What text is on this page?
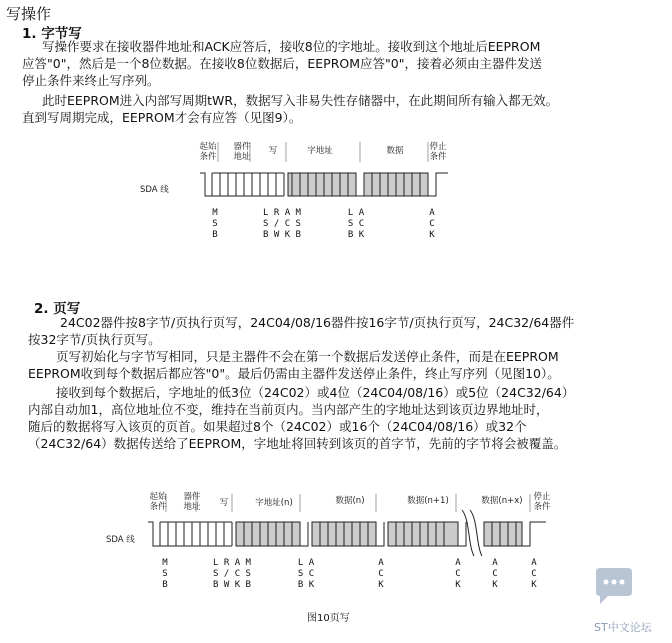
写操作
1. 字节写
写操作要求在接收器件地址和ACK应答后，接收8位的字地址。接收到这个地址后EEPROM
应答"0"，然后是一个8位数据。在接收8位数据后，EEPROM应答"0"，接着必须由主器件发送
停止条件来终止写序列。
此时EEPROM进入内部写周期tWR，数据写入非易失性存储器中，在此期间所有输入都无效。
直到写周期完成，EEPROM才会有应答（见图9）。
起始
条件
器件
地址
写	字地址	数据	停止
条件
SDA 线
M
S
B
L R A M
S / C S
B W K B
L A
S C
B K
A
C
K
2. 页写
24C02器件按8字节/页执行页写，24C04/08/16器件按16字节/页执行页写，24C32/64器件
按32字节/页执行页写。
页写初始化与字节写相同，只是主器件不会在第一个数据后发送停止条件，而是在EEPROM
EEPROM收到每个数据后都应答"0"。最后仍需由主器件发送停止条件，终止写序列（见图10）。
接收到每个数据后，字地址的低3位（24C02）或4位（24C04/08/16）或5位（24C32/64）
内部自动加1，高位地址位不变，维持在当前页内。当内部产生的字地址达到该页边界地址时，
随后的数据将写入该页的页首。如果超过8个（24C02）或16个（24C04/08/16）或32个
（24C32/64）数据传送给了EEPROM，字地址将回转到该页的首字节，先前的字节将会被覆盖。
起始
条件
器件
地址	写	字地址(n)	数据(n)	数据(n+1)	数据(n+x)	停止
条件
SDA 线
M
S
B
L R A M
S / C S
B W K B
L A
S C
B K
A
C
K
A
C
K
A
C
K
A
C
K
图10页写
ST中文论坛
